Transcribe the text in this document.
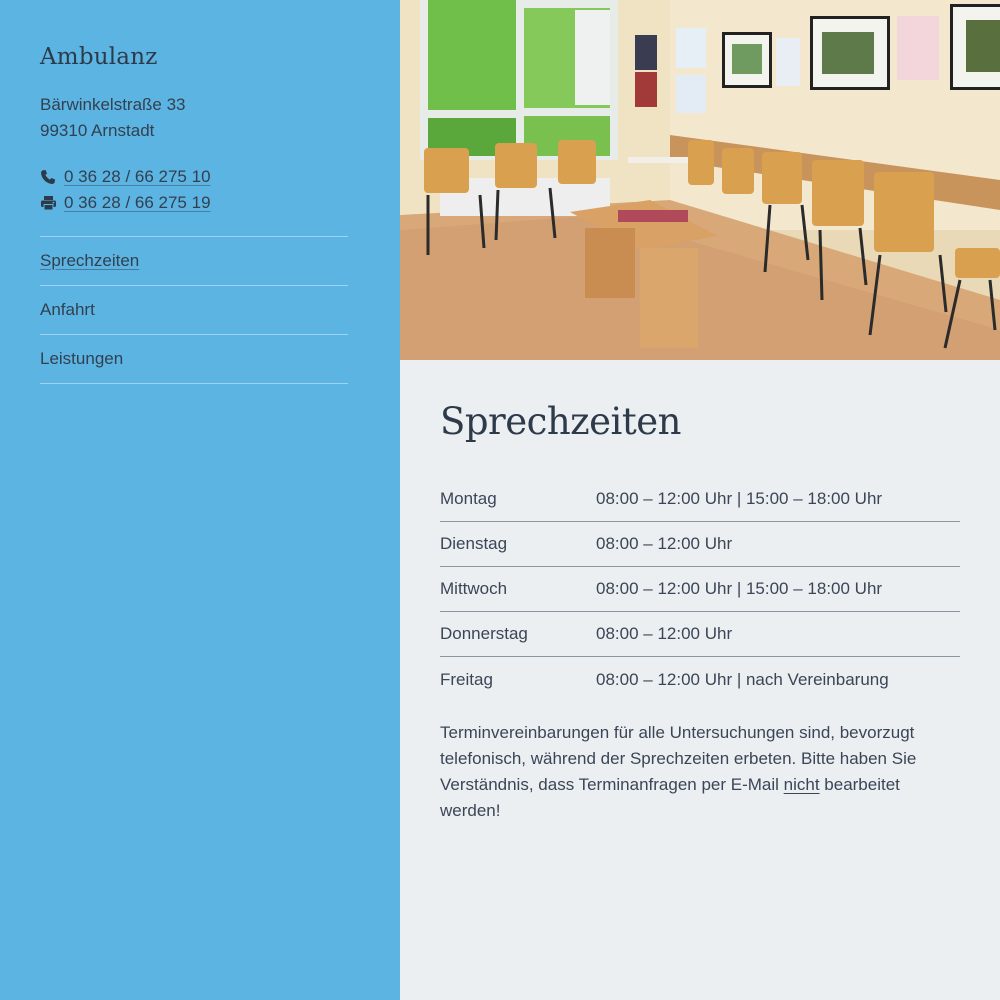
Ambulanz
Bärwinkelstraße 33
99310 Arnstadt
0 36 28 / 66 275 10
0 36 28 / 66 275 19
Sprechzeiten
Anfahrt
Leistungen
Sprechzeiten
Montag	08:00 – 12:00 Uhr | 15:00 – 18:00 Uhr
Dienstag	08:00 – 12:00 Uhr
Mittwoch	08:00 – 12:00 Uhr | 15:00 – 18:00 Uhr
Donnerstag	08:00 – 12:00 Uhr
Freitag	08:00 – 12:00 Uhr | nach Vereinbarung

Terminvereinbarungen für alle Untersuchungen sind, bevorzugt telefonisch, während der Sprechzeiten erbeten. Bitte haben Sie Verständnis, dass Terminanfragen per E-Mail nicht bearbeitet werden!
